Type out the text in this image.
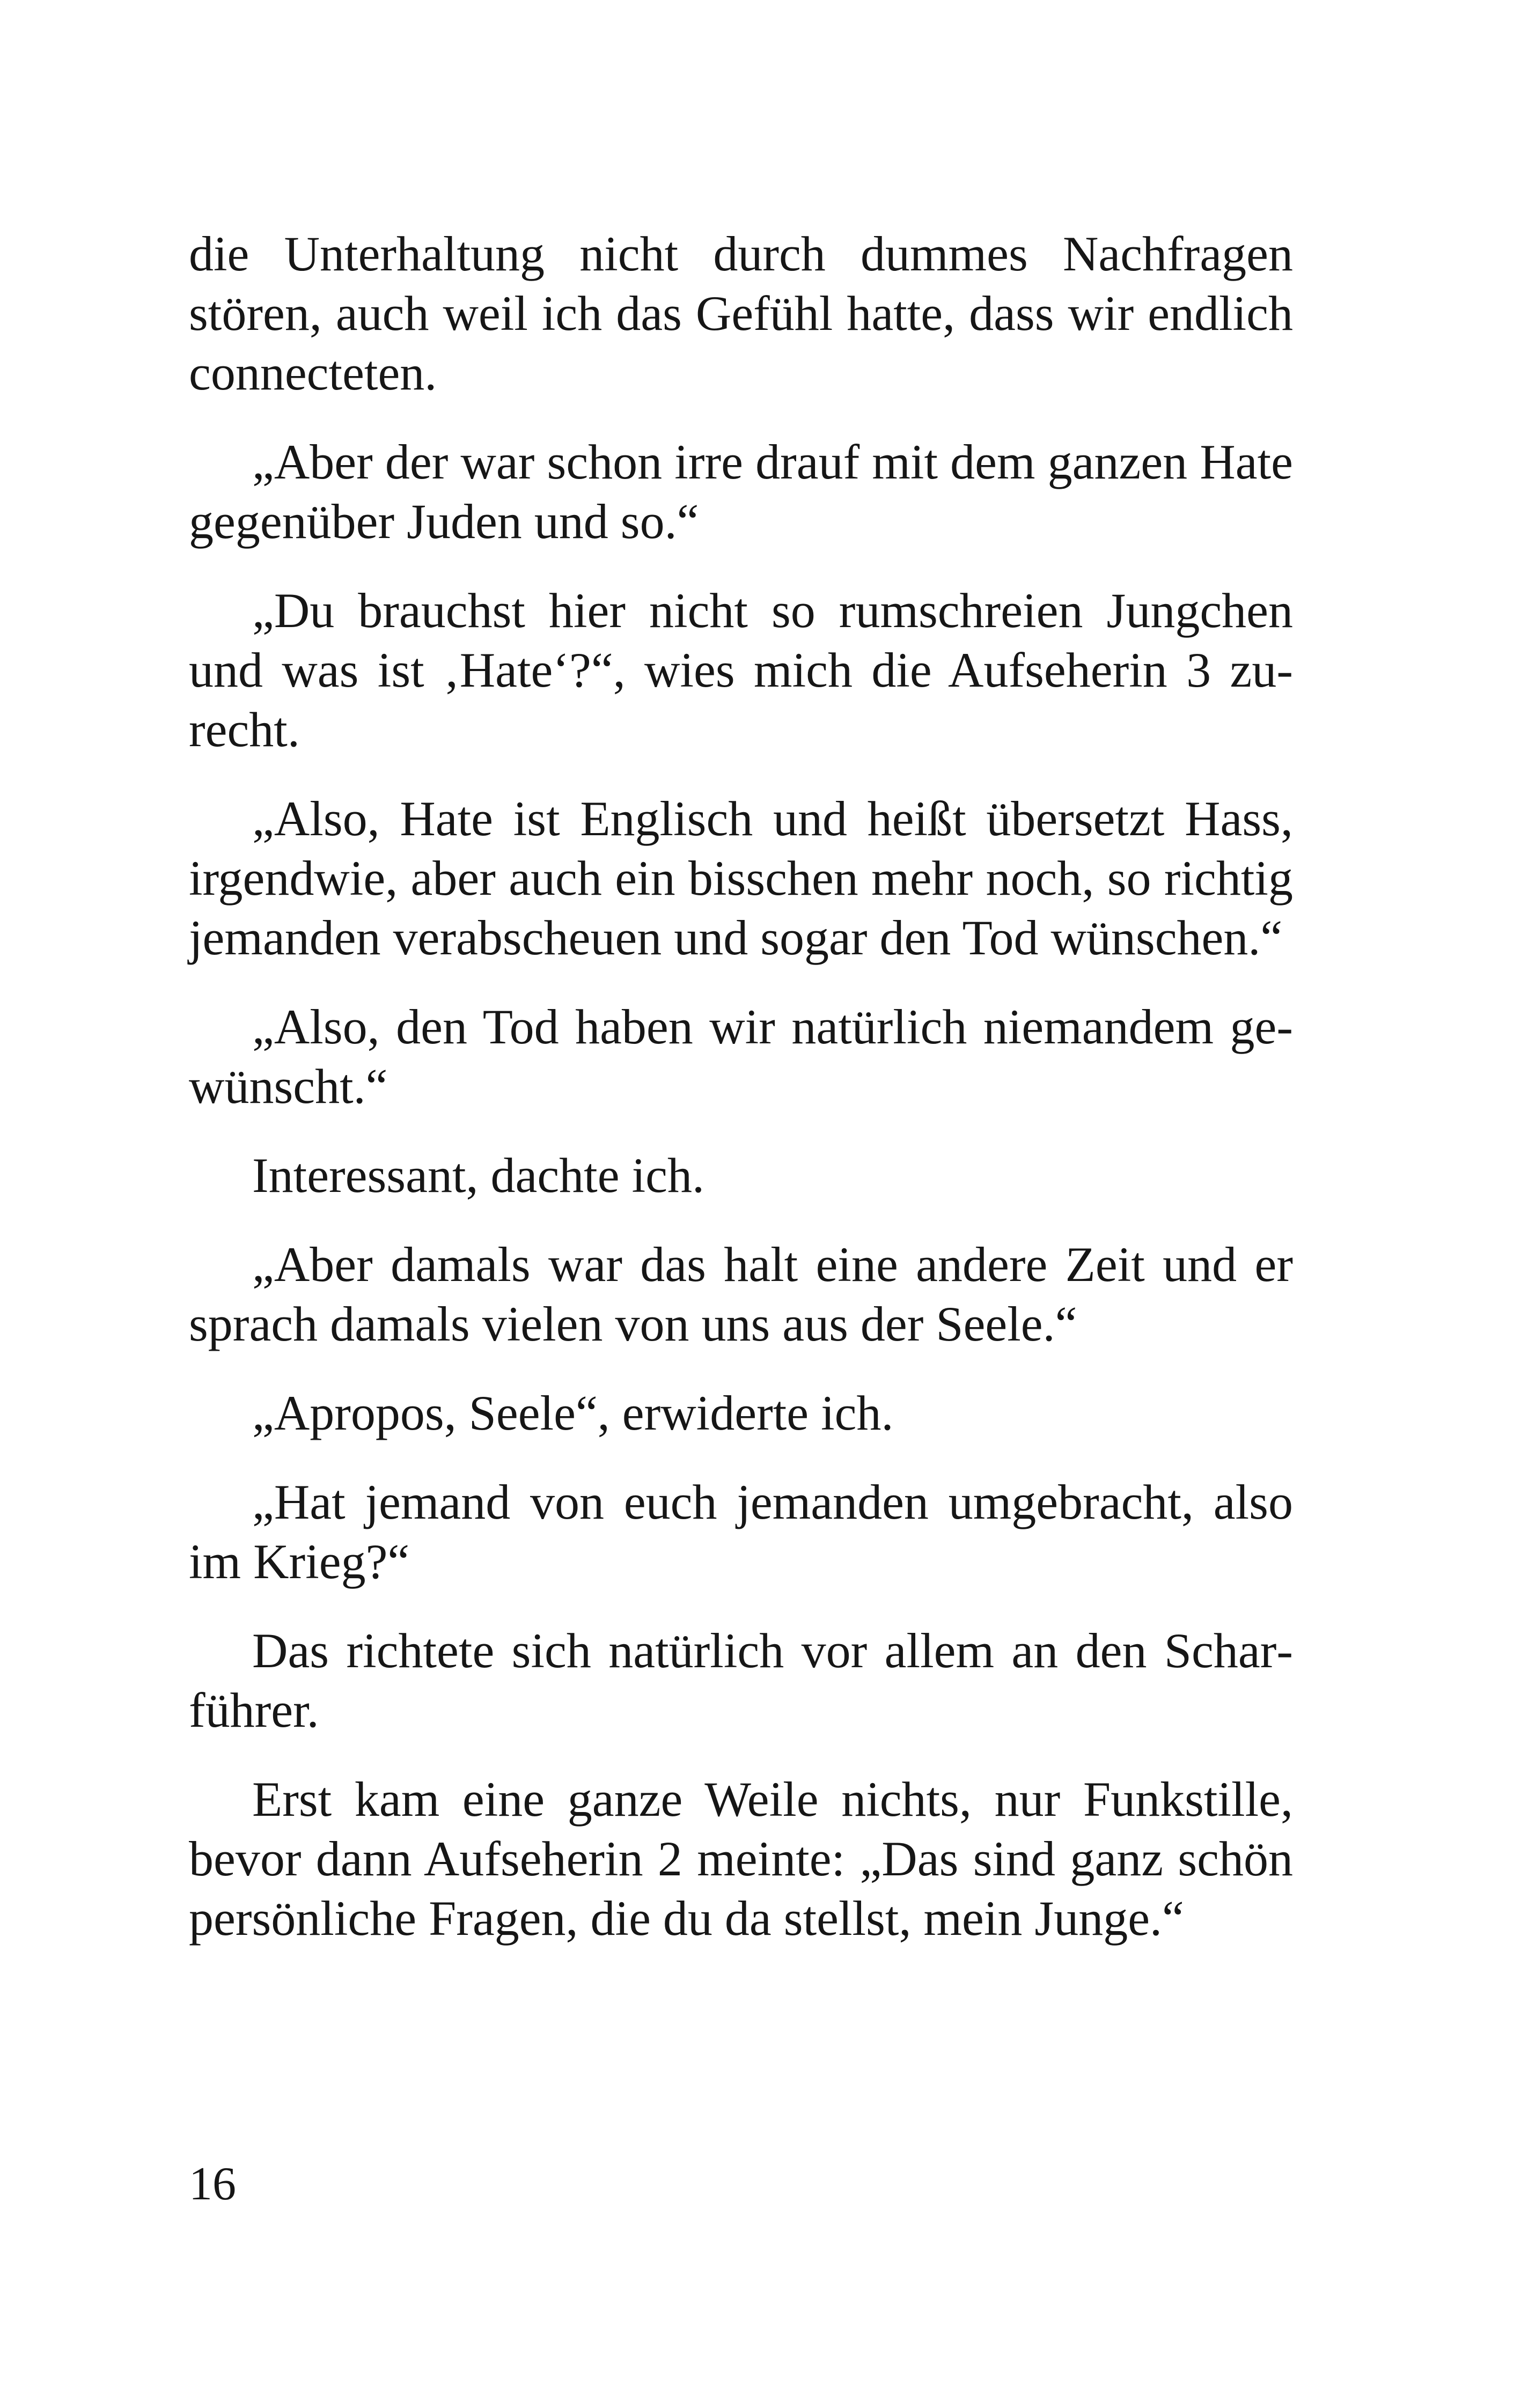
die Unterhaltung nicht durch dummes Nachfragen stören, auch weil ich das Gefühl hatte, dass wir endlich connecteten.

„Aber der war schon irre drauf mit dem ganzen Hate gegenüber Juden und so.“

„Du brauchst hier nicht so rumschreien Jungchen und was ist ‚Hate‘?“, wies mich die Aufseherin 3 zurecht.

„Also, Hate ist Englisch und heißt übersetzt Hass, irgendwie, aber auch ein bisschen mehr noch, so richtig jemanden verabscheuen und sogar den Tod wünschen.“

„Also, den Tod haben wir natürlich niemandem gewünscht.“

Interessant, dachte ich.

„Aber damals war das halt eine andere Zeit und er sprach damals vielen von uns aus der Seele.“

„Apropos, Seele“, erwiderte ich.

„Hat jemand von euch jemanden umgebracht, also im Krieg?“

Das richtete sich natürlich vor allem an den Scharführer.

Erst kam eine ganze Weile nichts, nur Funkstille, bevor dann Aufseherin 2 meinte: „Das sind ganz schön persönliche Fragen, die du da stellst, mein Junge.“

16
